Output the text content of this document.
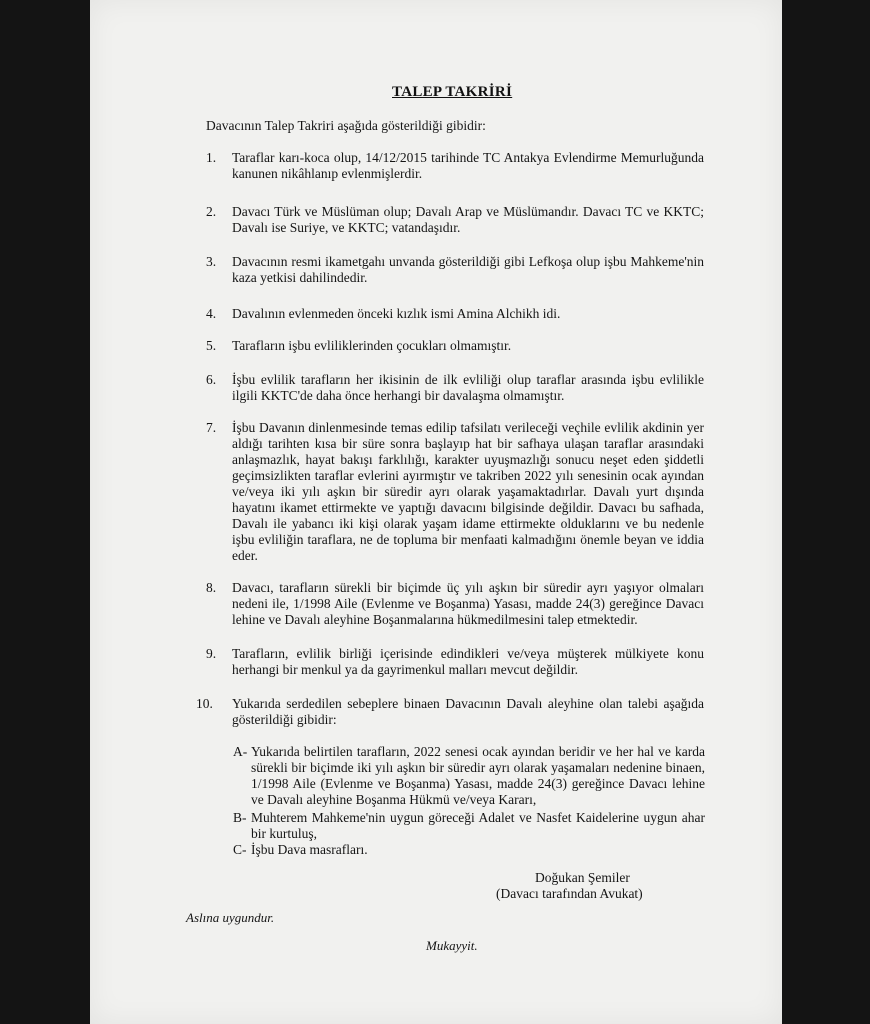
TALEP TAKRİRİ
Davacının Talep Takriri aşağıda gösterildiği gibidir:
1. Taraflar karı-koca olup, 14/12/2015 tarihinde TC Antakya Evlendirme Memurluğunda kanunen nikâhlanıp evlenmişlerdir.
2. Davacı Türk ve Müslüman olup; Davalı Arap ve Müslümandır. Davacı TC ve KKTC; Davalı ise Suriye, ve KKTC; vatandaşıdır.
3. Davacının resmi ikametgahı unvanda gösterildiği gibi Lefkoşa olup işbu Mahkeme'nin kaza yetkisi dahilindedir.
4. Davalının evlenmeden önceki kızlık ismi Amina Alchikh idi.
5. Tarafların işbu evliliklerinden çocukları olmamıştır.
6. İşbu evlilik tarafların her ikisinin de ilk evliliği olup taraflar arasında işbu evlilikle ilgili KKTC'de daha önce herhangi bir davalaşma olmamıştır.
7. İşbu Davanın dinlenmesinde temas edilip tafsilatı verileceği veçhile evlilik akdinin yer aldığı tarihten kısa bir süre sonra başlayıp hat bir safhaya ulaşan taraflar arasındaki anlaşmazlık, hayat bakışı farklılığı, karakter uyuşmazlığı sonucu neşet eden şiddetli geçimsizlikten taraflar evlerini ayırmıştır ve takriben 2022 yılı senesinin ocak ayından ve/veya iki yılı aşkın bir süredir ayrı olarak yaşamaktadırlar. Davalı yurt dışında hayatını ikamet ettirmekte ve yaptığı davacını bilgisinde değildir. Davacı bu safhada, Davalı ile yabancı iki kişi olarak yaşam idame ettirmekte olduklarını ve bu nedenle işbu evliliğin taraflara, ne de topluma bir menfaati kalmadığını önemle beyan ve iddia eder.
8. Davacı, tarafların sürekli bir biçimde üç yılı aşkın bir süredir ayrı yaşıyor olmaları nedeni ile, 1/1998 Aile (Evlenme ve Boşanma) Yasası, madde 24(3) gereğince Davacı lehine ve Davalı aleyhine Boşanmalarına hükmedilmesini talep etmektedir.
9. Tarafların, evlilik birliği içerisinde edindikleri ve/veya müşterek mülkiyete konu herhangi bir menkul ya da gayrimenkul malları mevcut değildir.
10. Yukarıda serdedilen sebeplere binaen Davacının Davalı aleyhine olan talebi aşağıda gösterildiği gibidir:
A- Yukarıda belirtilen tarafların, 2022 senesi ocak ayından beridir ve her hal ve karda sürekli bir biçimde iki yılı aşkın bir süredir ayrı olarak yaşamaları nedenine binaen, 1/1998 Aile (Evlenme ve Boşanma) Yasası, madde 24(3) gereğince Davacı lehine ve Davalı aleyhine Boşanma Hükmü ve/veya Kararı,
B- Muhterem Mahkeme'nin uygun göreceği Adalet ve Nasfet Kaidelerine uygun ahar bir kurtuluş,
C- İşbu Dava masrafları.
Doğukan Şemiler
(Davacı tarafından Avukat)
Aslına uygundur.
Mukayyit.
